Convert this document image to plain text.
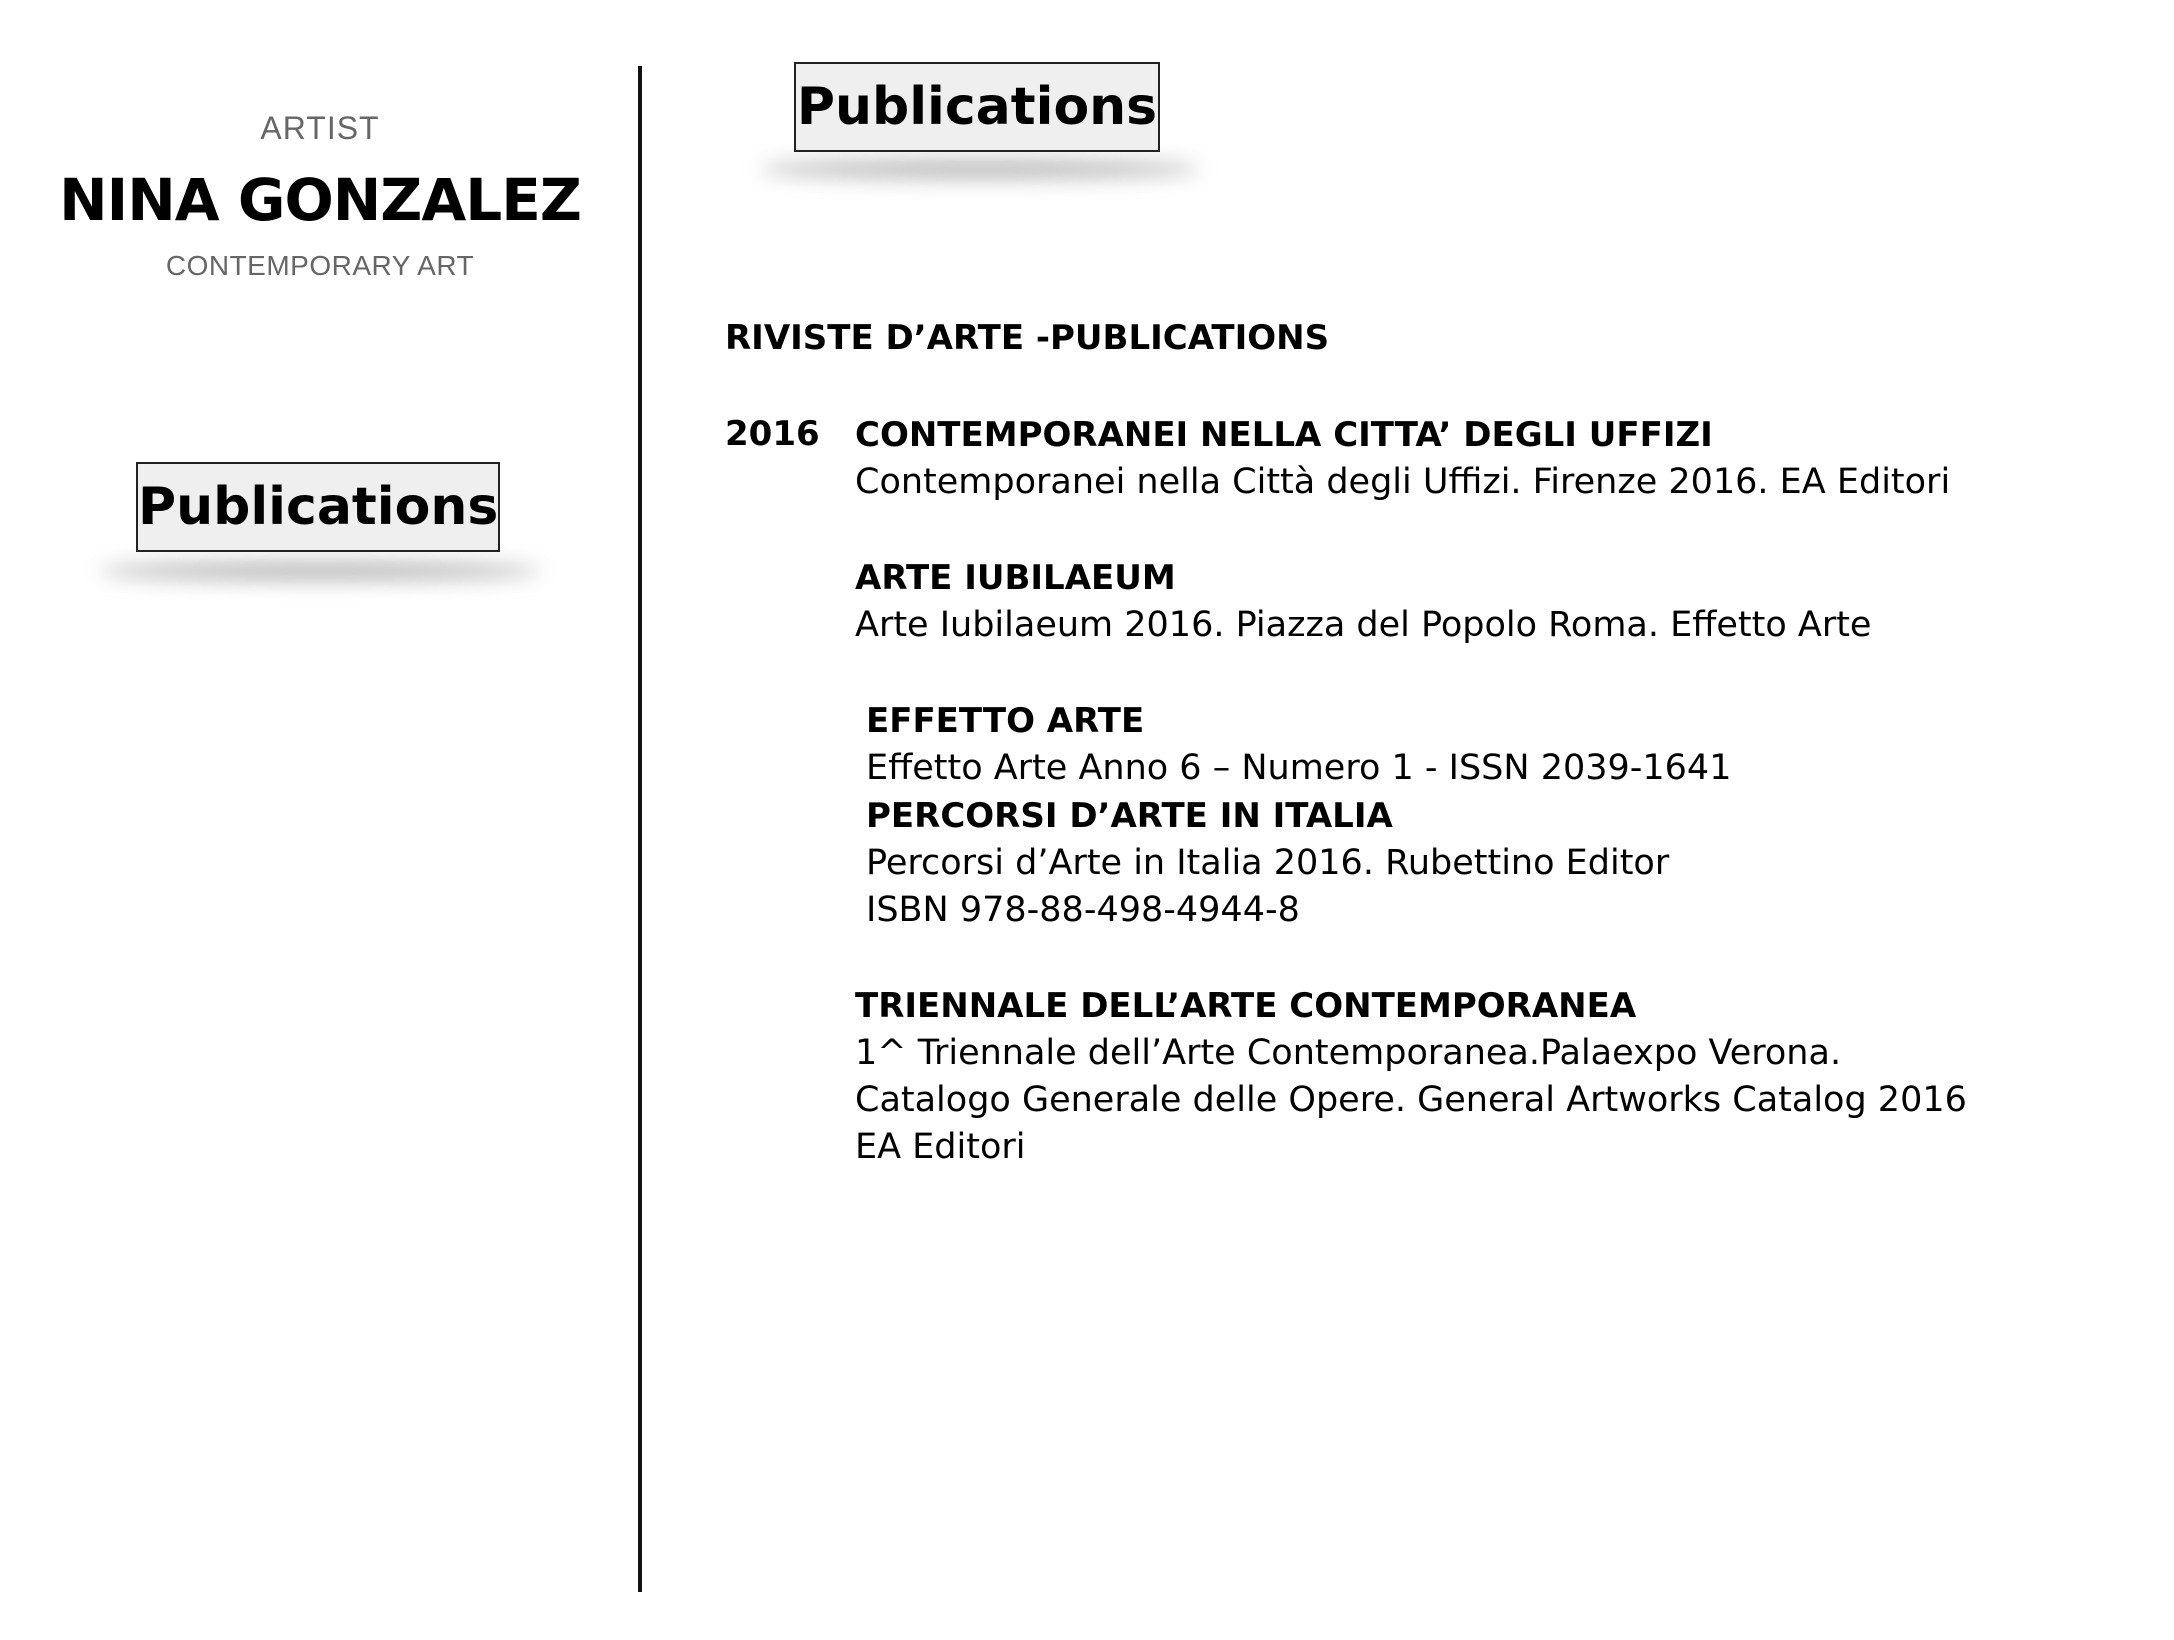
ARTIST
NINA GONZALEZ
CONTEMPORARY ART
Publications
Publications
RIVISTE D’ARTE -PUBLICATIONS
2016 CONTEMPORANEI NELLA CITTA’ DEGLI UFFIZI
Contemporanei nella Città degli Uffizi. Firenze 2016. EA Editori
ARTE IUBILAEUM
Arte Iubilaeum 2016. Piazza del Popolo Roma. Effetto Arte
EFFETTO ARTE
Effetto Arte Anno 6 – Numero 1 - ISSN 2039-1641
PERCORSI D’ARTE IN ITALIA
Percorsi d’Arte in Italia 2016. Rubettino Editor
ISBN 978-88-498-4944-8
TRIENNALE DELL’ARTE CONTEMPORANEA
1^ Triennale dell’Arte Contemporanea.Palaexpo Verona.
Catalogo Generale delle Opere. General Artworks Catalog 2016
EA Editori
